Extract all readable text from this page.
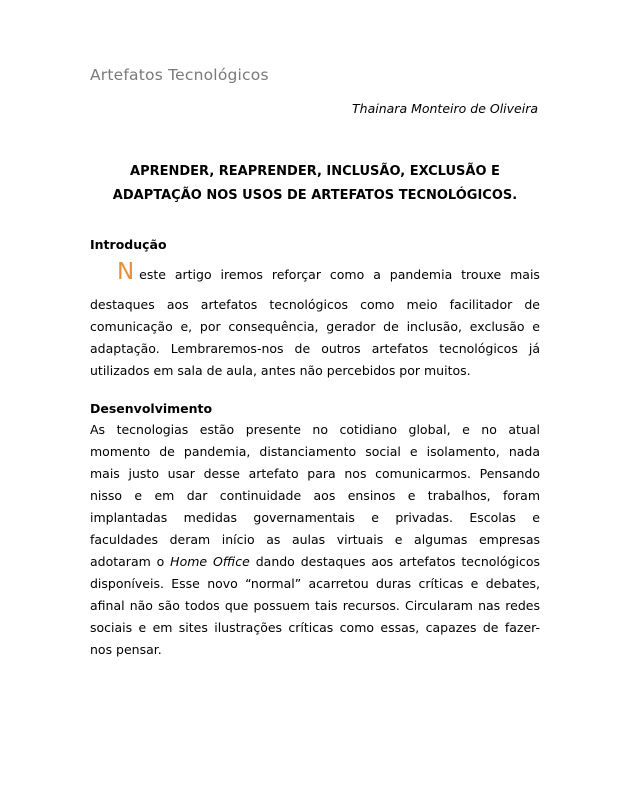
Artefatos Tecnológicos
Thainara Monteiro de Oliveira
APRENDER, REAPRENDER, INCLUSÃO, EXCLUSÃO E
ADAPTAÇÃO NOS USOS DE ARTEFATOS TECNOLÓGICOS.
Introdução
N este artigo iremos reforçar como a pandemia trouxe mais
destaques aos artefatos tecnológicos como meio facilitador de
comunicação e, por consequência, gerador de inclusão, exclusão e
adaptação. Lembraremos-nos de outros artefatos tecnológicos já
utilizados em sala de aula, antes não percebidos por muitos.
Desenvolvimento
As tecnologias estão presente no cotidiano global, e no atual
momento de pandemia, distanciamento social e isolamento, nada
mais justo usar desse artefato para nos comunicarmos. Pensando
nisso e em dar continuidade aos ensinos e trabalhos, foram
implantadas medidas governamentais e privadas. Escolas e
faculdades deram início as aulas virtuais e algumas empresas
adotaram o Home Office dando destaques aos artefatos tecnológicos
disponíveis. Esse novo “normal” acarretou duras críticas e debates,
afinal não são todos que possuem tais recursos. Circularam nas redes
sociais e em sites ilustrações críticas como essas, capazes de fazer-
nos pensar.
